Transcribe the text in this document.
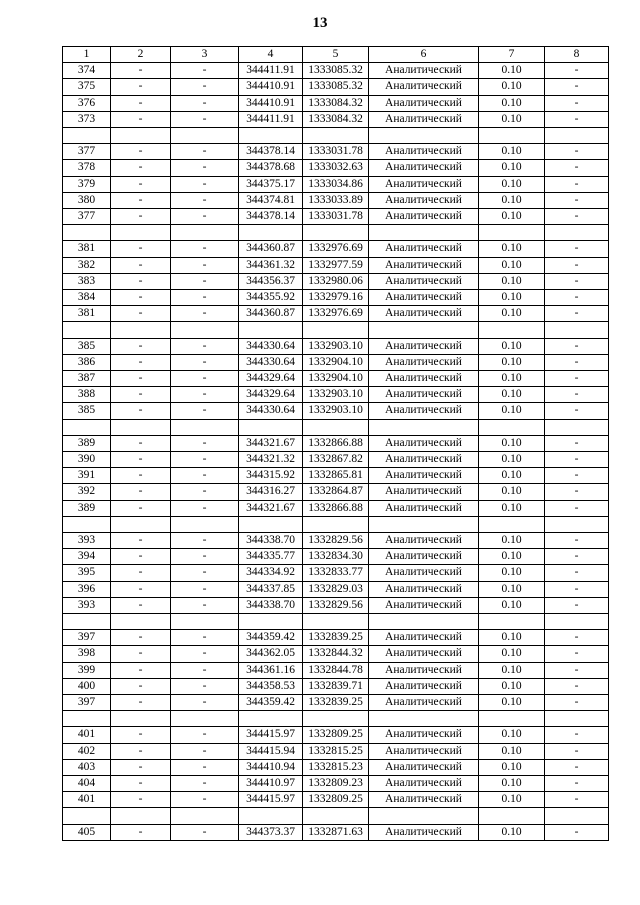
13
1	2	3	4	5	6	7	8
374	-	-	344411.91	1333085.32	Аналитический	0.10	-
375	-	-	344410.91	1333085.32	Аналитический	0.10	-
376	-	-	344410.91	1333084.32	Аналитический	0.10	-
373	-	-	344411.91	1333084.32	Аналитический	0.10	-

377	-	-	344378.14	1333031.78	Аналитический	0.10	-
378	-	-	344378.68	1333032.63	Аналитический	0.10	-
379	-	-	344375.17	1333034.86	Аналитический	0.10	-
380	-	-	344374.81	1333033.89	Аналитический	0.10	-
377	-	-	344378.14	1333031.78	Аналитический	0.10	-

381	-	-	344360.87	1332976.69	Аналитический	0.10	-
382	-	-	344361.32	1332977.59	Аналитический	0.10	-
383	-	-	344356.37	1332980.06	Аналитический	0.10	-
384	-	-	344355.92	1332979.16	Аналитический	0.10	-
381	-	-	344360.87	1332976.69	Аналитический	0.10	-

385	-	-	344330.64	1332903.10	Аналитический	0.10	-
386	-	-	344330.64	1332904.10	Аналитический	0.10	-
387	-	-	344329.64	1332904.10	Аналитический	0.10	-
388	-	-	344329.64	1332903.10	Аналитический	0.10	-
385	-	-	344330.64	1332903.10	Аналитический	0.10	-

389	-	-	344321.67	1332866.88	Аналитический	0.10	-
390	-	-	344321.32	1332867.82	Аналитический	0.10	-
391	-	-	344315.92	1332865.81	Аналитический	0.10	-
392	-	-	344316.27	1332864.87	Аналитический	0.10	-
389	-	-	344321.67	1332866.88	Аналитический	0.10	-

393	-	-	344338.70	1332829.56	Аналитический	0.10	-
394	-	-	344335.77	1332834.30	Аналитический	0.10	-
395	-	-	344334.92	1332833.77	Аналитический	0.10	-
396	-	-	344337.85	1332829.03	Аналитический	0.10	-
393	-	-	344338.70	1332829.56	Аналитический	0.10	-

397	-	-	344359.42	1332839.25	Аналитический	0.10	-
398	-	-	344362.05	1332844.32	Аналитический	0.10	-
399	-	-	344361.16	1332844.78	Аналитический	0.10	-
400	-	-	344358.53	1332839.71	Аналитический	0.10	-
397	-	-	344359.42	1332839.25	Аналитический	0.10	-

401	-	-	344415.97	1332809.25	Аналитический	0.10	-
402	-	-	344415.94	1332815.25	Аналитический	0.10	-
403	-	-	344410.94	1332815.23	Аналитический	0.10	-
404	-	-	344410.97	1332809.23	Аналитический	0.10	-
401	-	-	344415.97	1332809.25	Аналитический	0.10	-

405	-	-	344373.37	1332871.63	Аналитический	0.10	-
